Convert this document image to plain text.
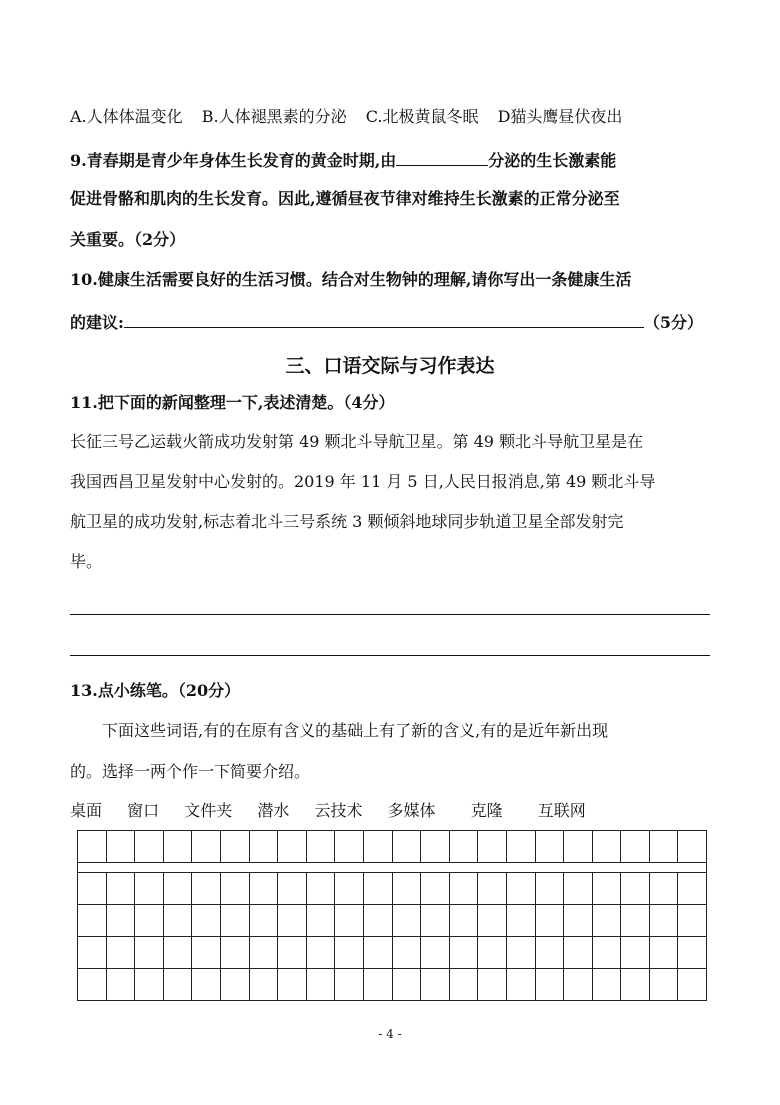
A.人体体温变化 B.人体褪黑素的分泌 C.北极黄鼠冬眠 D猫头鹰昼伏夜出
9.青春期是青少年身体生长发育的黄金时期,由	分泌的生长激素能
促进骨骼和肌肉的生长发育。因此,遵循昼夜节律对维持生长激素的正常分泌至
关重要。（2分）
10.健康生活需要良好的生活习惯。结合对生物钟的理解,请你写出一条健康生活
的建议:	（5分）
三、口语交际与习作表达
11.把下面的新闻整理一下,表述清楚。（4分）
长征三号乙运载火箭成功发射第 49 颗北斗导航卫星。第 49 颗北斗导航卫星是在
我国西昌卫星发射中心发射的。2019 年 11 月 5 日,人民日报消息,第 49 颗北斗导
航卫星的成功发射,标志着北斗三号系统 3 颗倾斜地球同步轨道卫星全部发射完
毕。
13.点小练笔。（20分）
下面这些词语,有的在原有含义的基础上有了新的含义,有的是近年新出现
的。选择一两个作一下简要介绍。
桌面 窗口 文件夹 潜水 云技术 多媒体 克隆 互联网
- 4 -
